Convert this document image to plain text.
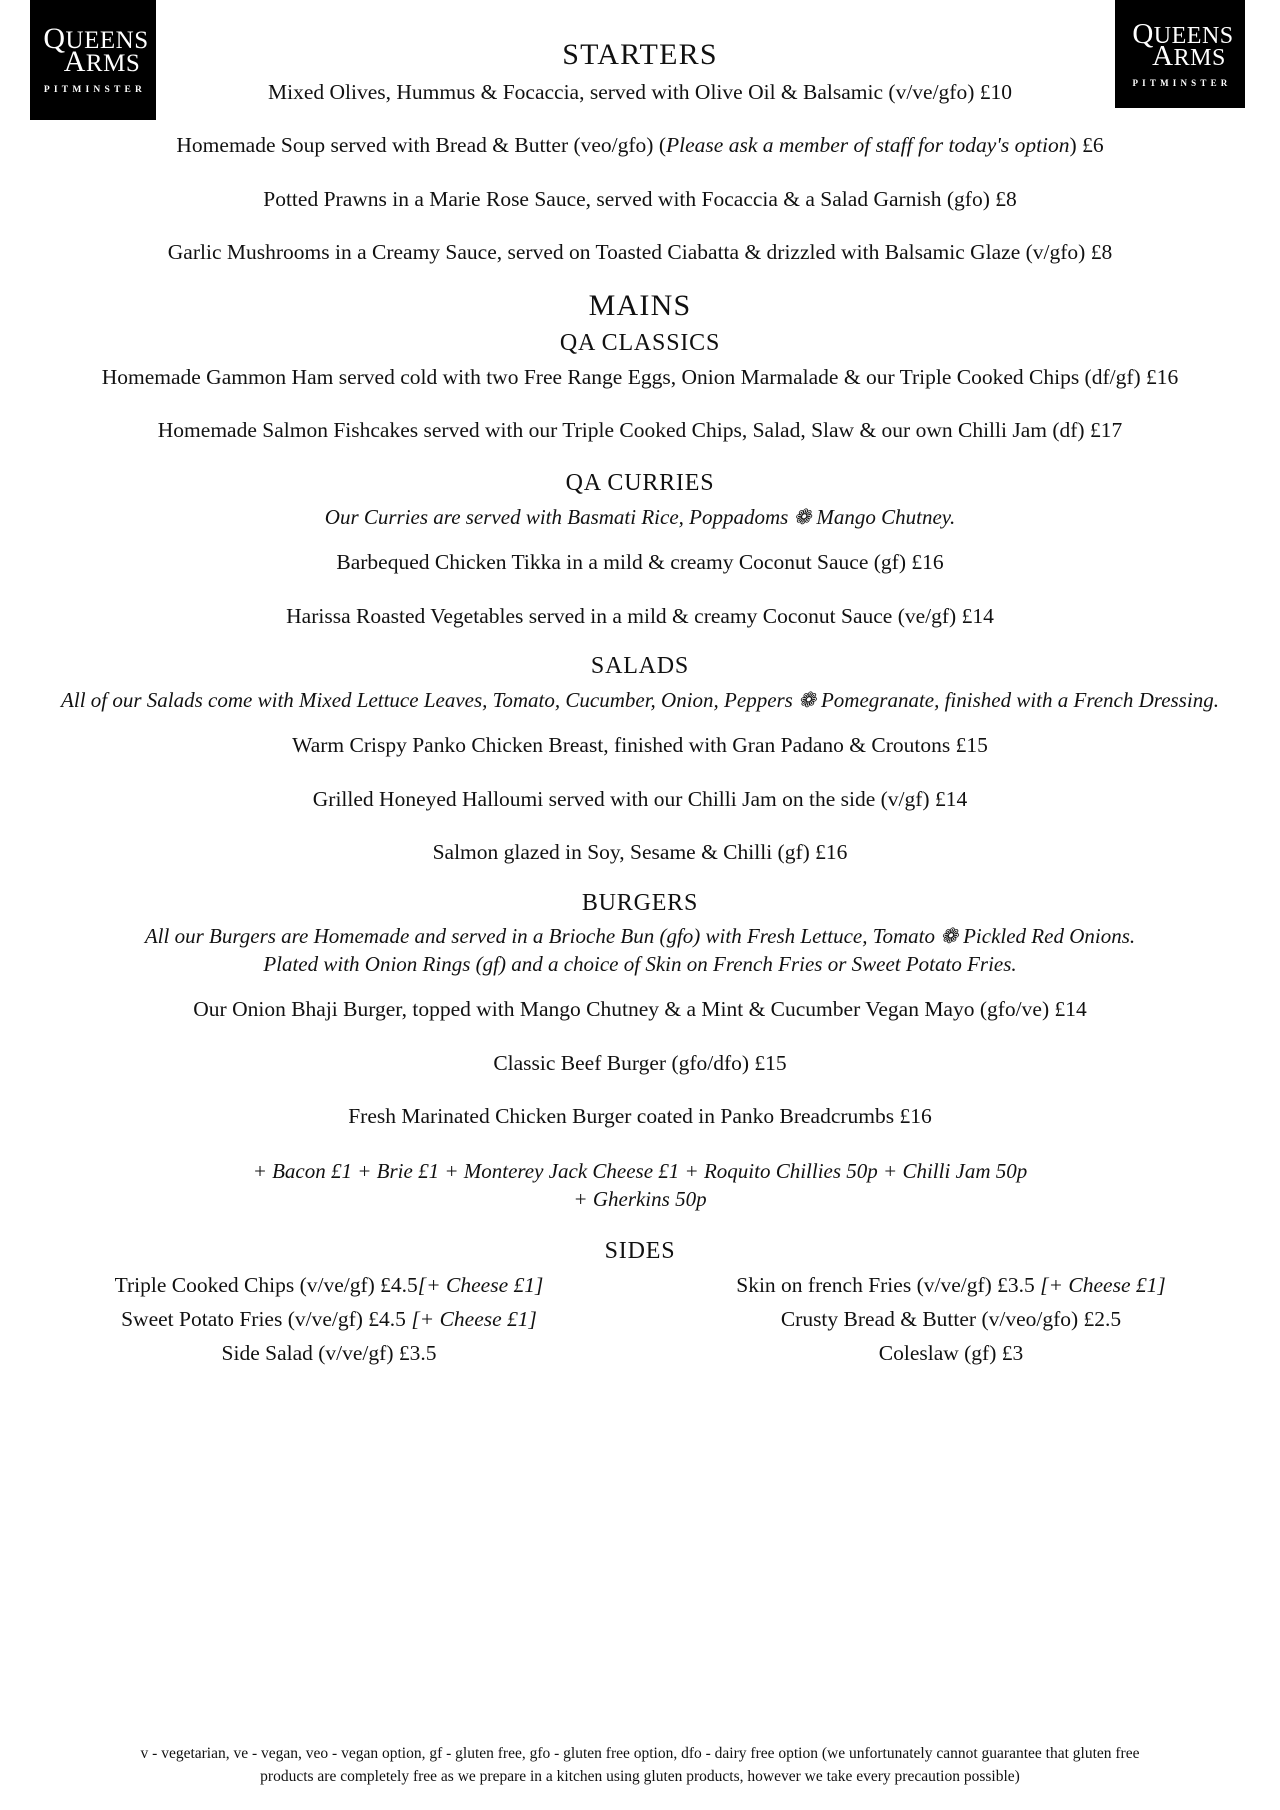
QUEENS
ARMS
PITMINSTER
QUEENS
ARMS
PITMINSTER
STARTERS

Mixed Olives, Hummus & Focaccia, served with Olive Oil & Balsamic (v/ve/gfo) £10

Homemade Soup served with Bread & Butter (veo/gfo) (Please ask a member of staff for today's option) £6

Potted Prawns in a Marie Rose Sauce, served with Focaccia & a Salad Garnish (gfo) £8

Garlic Mushrooms in a Creamy Sauce, served on Toasted Ciabatta & drizzled with Balsamic Glaze (v/gfo) £8

MAINS
QA CLASSICS

Homemade Gammon Ham served cold with two Free Range Eggs, Onion Marmalade & our Triple Cooked Chips (df/gf) £16

Homemade Salmon Fishcakes served with our Triple Cooked Chips, Salad, Slaw & our own Chilli Jam (df) £17

QA CURRIES

Our Curries are served with Basmati Rice, Poppadoms ❁ Mango Chutney.

Barbequed Chicken Tikka in a mild & creamy Coconut Sauce (gf) £16

Harissa Roasted Vegetables served in a mild & creamy Coconut Sauce (ve/gf) £14

SALADS

All of our Salads come with Mixed Lettuce Leaves, Tomato, Cucumber, Onion, Peppers ❁ Pomegranate, finished with a French Dressing.

Warm Crispy Panko Chicken Breast, finished with Gran Padano & Croutons £15

Grilled Honeyed Halloumi served with our Chilli Jam on the side (v/gf) £14

Salmon glazed in Soy, Sesame & Chilli (gf) £16

BURGERS

All our Burgers are Homemade and served in a Brioche Bun (gfo) with Fresh Lettuce, Tomato ❁ Pickled Red Onions.

Plated with Onion Rings (gf) and a choice of Skin on French Fries or Sweet Potato Fries.

Our Onion Bhaji Burger, topped with Mango Chutney & a Mint & Cucumber Vegan Mayo (gfo/ve) £14

Classic Beef Burger (gfo/dfo) £15

Fresh Marinated Chicken Burger coated in Panko Breadcrumbs £16

+ Bacon £1 + Brie £1 + Monterey Jack Cheese £1 + Roquito Chillies 50p + Chilli Jam 50p

+ Gherkins 50p

SIDES
Triple Cooked Chips (v/ve/gf) £4.5[+ Cheese £1]	Skin on french Fries (v/ve/gf) £3.5 [+ Cheese £1]
Sweet Potato Fries (v/ve/gf) £4.5 [+ Cheese £1]	Crusty Bread & Butter (v/veo/gfo) £2.5
Side Salad (v/ve/gf) £3.5	Coleslaw (gf) £3
v - vegetarian, ve - vegan, veo - vegan option, gf - gluten free, gfo - gluten free option, dfo - dairy free option (we unfortunately cannot guarantee that gluten free
products are completely free as we prepare in a kitchen using gluten products, however we take every precaution possible)
